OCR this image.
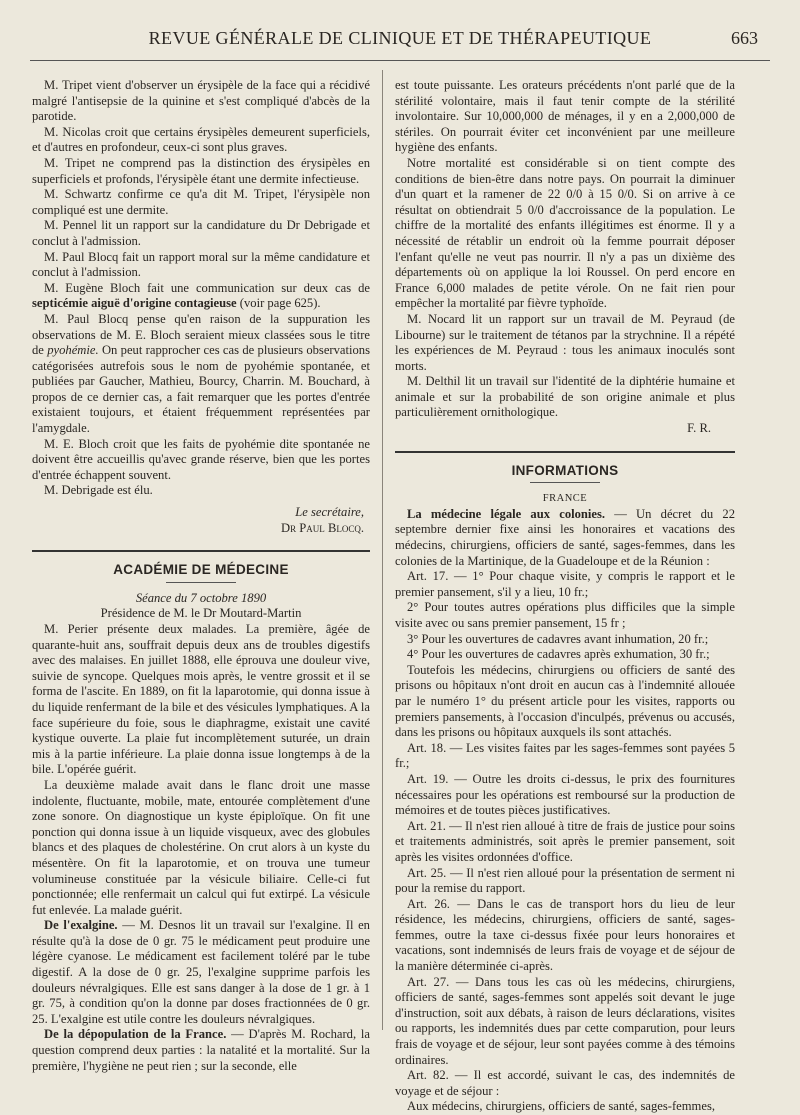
REVUE GÉNÉRALE DE CLINIQUE ET DE THÉRAPEUTIQUE	663

M. Tripet vient d'observer un érysipèle de la face qui a récidivé malgré l'antisepsie de la quinine et s'est compliqué d'abcès de la parotide.

M. Nicolas croit que certains érysipèles demeurent superficiels, et d'autres en profondeur, ceux-ci sont plus graves.

M. Tripet ne comprend pas la distinction des érysipèles en superficiels et profonds, l'érysipèle étant une dermite infectieuse.

M. Schwartz confirme ce qu'a dit M. Tripet, l'érysipèle non compliqué est une dermite.

M. Pennel lit un rapport sur la candidature du Dr Debrigade et conclut à l'admission.

M. Paul Blocq fait un rapport moral sur la même candidature et conclut à l'admission.

M. Eugène Bloch fait une communication sur deux cas de septicémie aiguë d'origine contagieuse (voir page 625).

M. Paul Blocq pense qu'en raison de la suppuration les observations de M. E. Bloch seraient mieux classées sous le titre de pyohémie. On peut rapprocher ces cas de plusieurs observations catégorisées autrefois sous le nom de pyohémie spontanée, et publiées par Gaucher, Mathieu, Bourcy, Charrin. M. Bouchard, à propos de ce dernier cas, a fait remarquer que les portes d'entrée existaient toujours, et étaient fréquemment représentées par l'amygdale.

M. E. Bloch croit que les faits de pyohémie dite spontanée ne doivent être accueillis qu'avec grande réserve, bien que les portes d'entrée échappent souvent.

M. Debrigade est élu.

Le secrétaire,

Dr Paul Blocq.

ACADÉMIE DE MÉDECINE

Séance du 7 octobre 1890

Présidence de M. le Dr Moutard-Martin

M. Perier présente deux malades. La première, âgée de quarante-huit ans, souffrait depuis deux ans de troubles digestifs avec des malaises. En juillet 1888, elle éprouva une douleur vive, suivie de syncope. Quelques mois après, le ventre grossit et il se forma de l'ascite. En 1889, on fit la laparotomie, qui donna issue à du liquide renfermant de la bile et des vésicules lymphatiques. A la face supérieure du foie, sous le diaphragme, existait une cavité kystique ouverte. La plaie fut incomplètement suturée, un drain mis à la partie inférieure. La plaie donna issue longtemps à de la bile. L'opérée guérit.

La deuxième malade avait dans le flanc droit une masse indolente, fluctuante, mobile, mate, entourée complètement d'une zone sonore. On diagnostique un kyste épiploïque. On fit une ponction qui donna issue à un liquide visqueux, avec des globules blancs et des plaques de cholestérine. On crut alors à un kyste du mésentère. On fit la laparotomie, et on trouva une tumeur volumineuse constituée par la vésicule biliaire. Celle-ci fut ponctionnée; elle renfermait un calcul qui fut extirpé. La vésicule fut enlevée. La malade guérit.

De l'exalgine. — M. Desnos lit un travail sur l'exalgine. Il en résulte qu'à la dose de 0 gr. 75 le médicament peut produire une légère cyanose. Le médicament est facilement toléré par le tube digestif. A la dose de 0 gr. 25, l'exalgine supprime parfois les douleurs névralgiques. Elle est sans danger à la dose de 1 gr. à 1 gr. 75, à condition qu'on la donne par doses fractionnées de 0 gr. 25. L'exalgine est utile contre les douleurs névralgiques.

De la dépopulation de la France. — D'après M. Rochard, la question comprend deux parties : la natalité et la mortalité. Sur la première, l'hygiène ne peut rien ; sur la seconde, elle

est toute puissante. Les orateurs précédents n'ont parlé que de la stérilité volontaire, mais il faut tenir compte de la stérilité involontaire. Sur 10,000,000 de ménages, il y en a 2,000,000 de stériles. On pourrait éviter cet inconvénient par une meilleure hygiène des enfants.

Notre mortalité est considérable si on tient compte des conditions de bien-être dans notre pays. On pourrait la diminuer d'un quart et la ramener de 22 0/0 à 15 0/0. Si on arrive à ce résultat on obtiendrait 5 0/0 d'accroissance de la population. Le chiffre de la mortalité des enfants illégitimes est énorme. Il y a nécessité de rétablir un endroit où la femme pourrait déposer l'enfant qu'elle ne veut pas nourrir. Il n'y a pas un dixième des départements où on applique la loi Roussel. On perd encore en France 6,000 malades de petite vérole. On ne fait rien pour empêcher la mortalité par fièvre typhoïde.

M. Nocard lit un rapport sur un travail de M. Peyraud (de Libourne) sur le traitement de tétanos par la strychnine. Il a répété les expériences de M. Peyraud : tous les animaux inoculés sont morts.

M. Delthil lit un travail sur l'identité de la diphtérie humaine et animale et sur la probabilité de son origine animale et plus particulièrement ornithologique.

F. R.

INFORMATIONS

FRANCE

La médecine légale aux colonies. — Un décret du 22 septembre dernier fixe ainsi les honoraires et vacations des médecins, chirurgiens, officiers de santé, sages-femmes, dans les colonies de la Martinique, de la Guadeloupe et de la Réunion :

Art. 17. — 1° Pour chaque visite, y compris le rapport et le premier pansement, s'il y a lieu, 10 fr.;

2° Pour toutes autres opérations plus difficiles que la simple visite avec ou sans premier pansement, 15 fr ;

3° Pour les ouvertures de cadavres avant inhumation, 20 fr.;

4° Pour les ouvertures de cadavres après exhumation, 30 fr.;

Toutefois les médecins, chirurgiens ou officiers de santé des prisons ou hôpitaux n'ont droit en aucun cas à l'indemnité allouée par le numéro 1° du présent article pour les visites, rapports ou premiers pansements, à l'occasion d'inculpés, prévenus ou accusés, dans les prisons ou hôpitaux auxquels ils sont attachés.

Art. 18. — Les visites faites par les sages-femmes sont payées 5 fr.;

Art. 19. — Outre les droits ci-dessus, le prix des fournitures nécessaires pour les opérations est remboursé sur la production de mémoires et de toutes pièces justificatives.

Art. 21. — Il n'est rien alloué à titre de frais de justice pour soins et traitements administrés, soit après le premier pansement, soit après les visites ordonnées d'office.

Art. 25. — Il n'est rien alloué pour la présentation de serment ni pour la remise du rapport.

Art. 26. — Dans le cas de transport hors du lieu de leur résidence, les médecins, chirurgiens, officiers de santé, sages-femmes, outre la taxe ci-dessus fixée pour leurs honoraires et vacations, sont indemnisés de leurs frais de voyage et de séjour de la manière déterminée ci-après.

Art. 27. — Dans tous les cas où les médecins, chirurgiens, officiers de santé, sages-femmes sont appelés soit devant le juge d'instruction, soit aux débats, à raison de leurs déclarations, visites ou rapports, les indemnités dues par cette comparution, pour leurs frais de voyage et de séjour, leur sont payées comme à des témoins ordinaires.

Art. 82. — Il est accordé, suivant le cas, des indemnités de voyage et de séjour :

Aux médecins, chirurgiens, officiers de santé, sages-femmes,
